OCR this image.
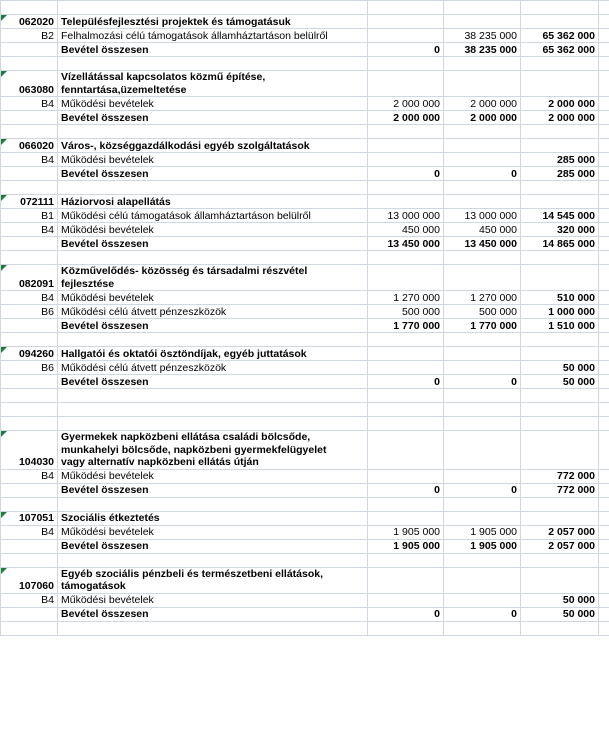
062020	Településfejlesztési projektek és támogatásuk				

B2	Felhalmozási célú támogatások államháztartáson belülről		38 235 000	65 362 000	
	Bevétel összesen	0	38 235 000	65 362 000	

063080	Vízellátással kapcsolatos közmű építése,
fenntartása,üzemeltetése				

B4	Működési bevételek	2 000 000	2 000 000	2 000 000	
	Bevétel összesen	2 000 000	2 000 000	2 000 000	

066020	Város-, községgazdálkodási egyéb szolgáltatások				

B4	Működési bevételek			285 000	
	Bevétel összesen	0	0	285 000	

072111	Háziorvosi alapellátás				

B1	Működési célú támogatások államháztartáson belülről	13 000 000	13 000 000	14 545 000	
B4	Működési bevételek	450 000	450 000	320 000	
	Bevétel összesen	13 450 000	13 450 000	14 865 000	

082091	Közművelődés- közösség és társadalmi részvétel
fejlesztése				

B4	Működési bevételek	1 270 000	1 270 000	510 000	
B6	Működési célú átvett pénzeszközök	500 000	500 000	1 000 000	
	Bevétel összesen	1 770 000	1 770 000	1 510 000	

094260	Hallgatói és oktatói ösztöndíjak, egyéb juttatások				

B6	Működési célú átvett pénzeszközök			50 000	
	Bevétel összesen	0	0	50 000	

104030	Gyermekek napközbeni ellátása családi bölcsőde,
munkahelyi bölcsőde, napközbeni gyermekfelügyelet
vagy alternatív napközbeni ellátás útján				

B4	Működési bevételek			772 000	
	Bevétel összesen	0	0	772 000	

107051	Szociális étkeztetés				

B4	Működési bevételek	1 905 000	1 905 000	2 057 000	
	Bevétel összesen	1 905 000	1 905 000	2 057 000	

107060	Egyéb szociális pénzbeli és természetbeni ellátások,
támogatások				

B4	Működési bevételek			50 000	
	Bevétel összesen	0	0	50 000	
